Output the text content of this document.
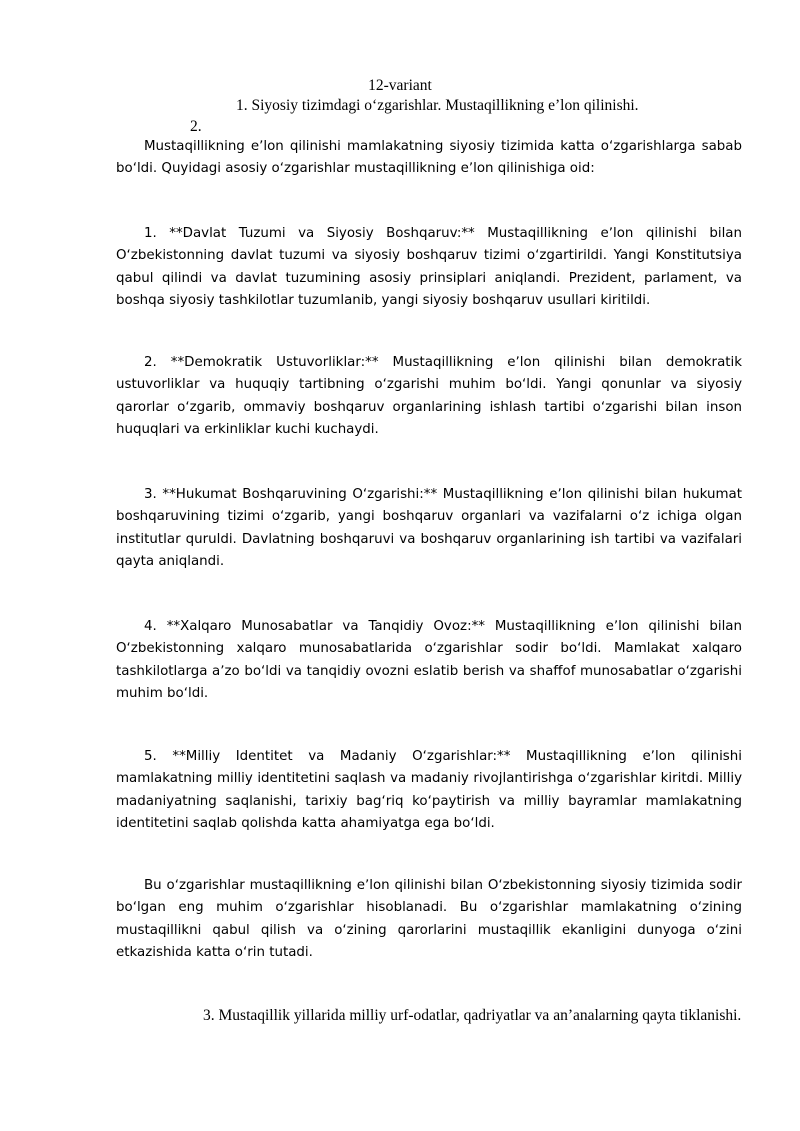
12-variant
1. Siyosiy tizimdagi oʻzgarishlar. Mustaqillikning eʼlon qilinishi.
2.

Mustaqillikning eʼlon qilinishi mamlakatning siyosiy tizimida katta oʻzgarishlarga sabab boʻldi. Quyidagi asosiy oʻzgarishlar mustaqillikning eʼlon qilinishiga oid:

1. **Davlat Tuzumi va Siyosiy Boshqaruv:** Mustaqillikning eʼlon qilinishi bilan Oʻzbekistonning davlat tuzumi va siyosiy boshqaruv tizimi oʻzgartirildi. Yangi Konstitutsiya qabul qilindi va davlat tuzumining asosiy prinsiplari aniqlandi. Prezident, parlament, va boshqa siyosiy tashkilotlar tuzumlanib, yangi siyosiy boshqaruv usullari kiritildi.

2. **Demokratik Ustuvorliklar:** Mustaqillikning eʼlon qilinishi bilan demokratik ustuvorliklar va huquqiy tartibning oʻzgarishi muhim boʻldi. Yangi qonunlar va siyosiy qarorlar oʻzgarib, ommaviy boshqaruv organlarining ishlash tartibi oʻzgarishi bilan inson huquqlari va erkinliklar kuchi kuchaydi.

3. **Hukumat Boshqaruvining Oʻzgarishi:** Mustaqillikning eʼlon qilinishi bilan hukumat boshqaruvining tizimi oʻzgarib, yangi boshqaruv organlari va vazifalarni oʻz ichiga olgan institutlar quruldi. Davlatning boshqaruvi va boshqaruv organlarining ish tartibi va vazifalari qayta aniqlandi.

4. **Xalqaro Munosabatlar va Tanqidiy Ovoz:** Mustaqillikning eʼlon qilinishi bilan Oʻzbekistonning xalqaro munosabatlarida oʻzgarishlar sodir boʻldi. Mamlakat xalqaro tashkilotlarga aʼzo boʻldi va tanqidiy ovozni eslatib berish va shaffof munosabatlar oʻzgarishi muhim boʻldi.

5. **Milliy Identitet va Madaniy Oʻzgarishlar:** Mustaqillikning eʼlon qilinishi mamlakatning milliy identitetini saqlash va madaniy rivojlantirishga oʻzgarishlar kiritdi. Milliy madaniyatning saqlanishi, tarixiy bagʻriq koʻpaytirish va milliy bayramlar mamlakatning identitetini saqlab qolishda katta ahamiyatga ega boʻldi.

Bu oʻzgarishlar mustaqillikning eʼlon qilinishi bilan Oʻzbekistonning siyosiy tizimida sodir boʻlgan eng muhim oʻzgarishlar hisoblanadi. Bu oʻzgarishlar mamlakatning oʻzining mustaqillikni qabul qilish va oʻzining qarorlarini mustaqillik ekanligini dunyoga oʻzini etkazishida katta oʻrin tutadi.

3. Mustaqillik yillarida milliy urf-odatlar, qadriyatlar va anʼanalarning qayta tiklanishi.
